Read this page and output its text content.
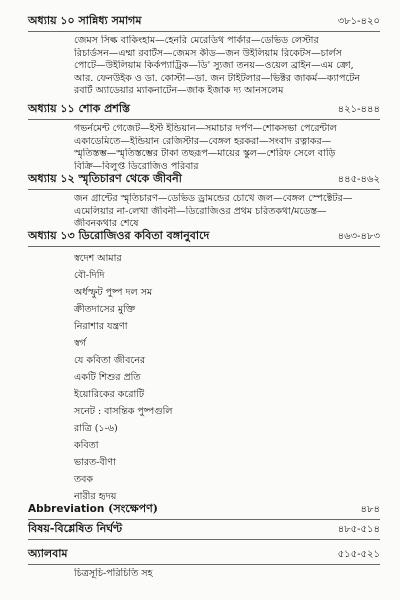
অধ্যায় ১০ সান্নিধ্য সমাগম	৩৮১-৪২০
জেমস সিল্ক বাকিংহাম—হেনরি মেরেডিথ পার্কার—ডেভিড লেস্টার
রিচার্ডসন—এম্মা রবার্টস—জেমস কীড—জন উইলিয়াম রিকেটস—চার্লস
পোটে—উইলিয়াম কির্কপ্যাট্রিক—ডি' স্যুজা তনয়—ওয়েল ব্রাইন—এম ক্রো,
আর. ফেনউইক ও ডা. কোস্টা—ডা. জন টাইটলার—ভিক্টর জাকর্ম—ক্যাপটেন
রবার্ট অ্যাডেয়ার ম্যাকনাটেন—জাক ইজাক দ্য আনসলেম
অধ্যায় ১১ শোক প্রশস্তি	৪২১-৪৪৪
গভর্নমেন্ট গেজেট—ইস্ট ইন্ডিয়ান—সমাচার দর্পণ—শোকসভা পেরেন্টাল
একাডেমিতে—ইন্ডিয়ান রেজিস্টার—বেঙ্গল হরকরা—সংবাদ রত্নাকর—
স্মৃতিস্তম্ভ—স্মৃতিস্তম্ভের টাকা তছরূপ—মায়ের স্কুল—শেরিফ সেলে বাড়ি
বিক্রি—বিলুপ্ত ডিরোজিও পরিবার
অধ্যায় ১২ স্মৃতিচারণ থেকে জীবনী	৪৪৫-৪৬২
জন গ্রান্টের স্মৃতিচারণ—ডেভিড ড্রামন্ডের চোখে জল—বেঙ্গল স্পেক্টেটর—
এমেলিয়ার না-লেখা জীবনী—ডিরোজিওর প্রথম চরিতকথা/মডেস্ত—
জীবনকথার শেষে
অধ্যায় ১৩ ডিরোজিওর কবিতা বঙ্গানুবাদে	৪৬৩-৪৮৩
স্বদেশ আমার
বৌ-দিদি
অর্ধস্ফুট পুষ্প দল সম
ক্রীতদাসের মুক্তি
নিরাশার যন্ত্রণা
স্বর্গ
যে কবিতা জীবনের
একটি শিশুর প্রতি
ইয়োরিকের করোটি
সনেট : বাসন্তিক পুষ্পগুলি
রাত্রি (১-৬)
কবিতা
ভারত-বীণা
তবক
নারীর হৃদয়
Abbreviation (সংক্ষেপণ)	৪৮৪
বিষয়-বিশ্লেষিত নির্ঘণ্ট	৪৮৫-৫১৪
অ্যালবাম	৫১৫-৫২১
চিত্রসূচি-পরিচিতি সহ
